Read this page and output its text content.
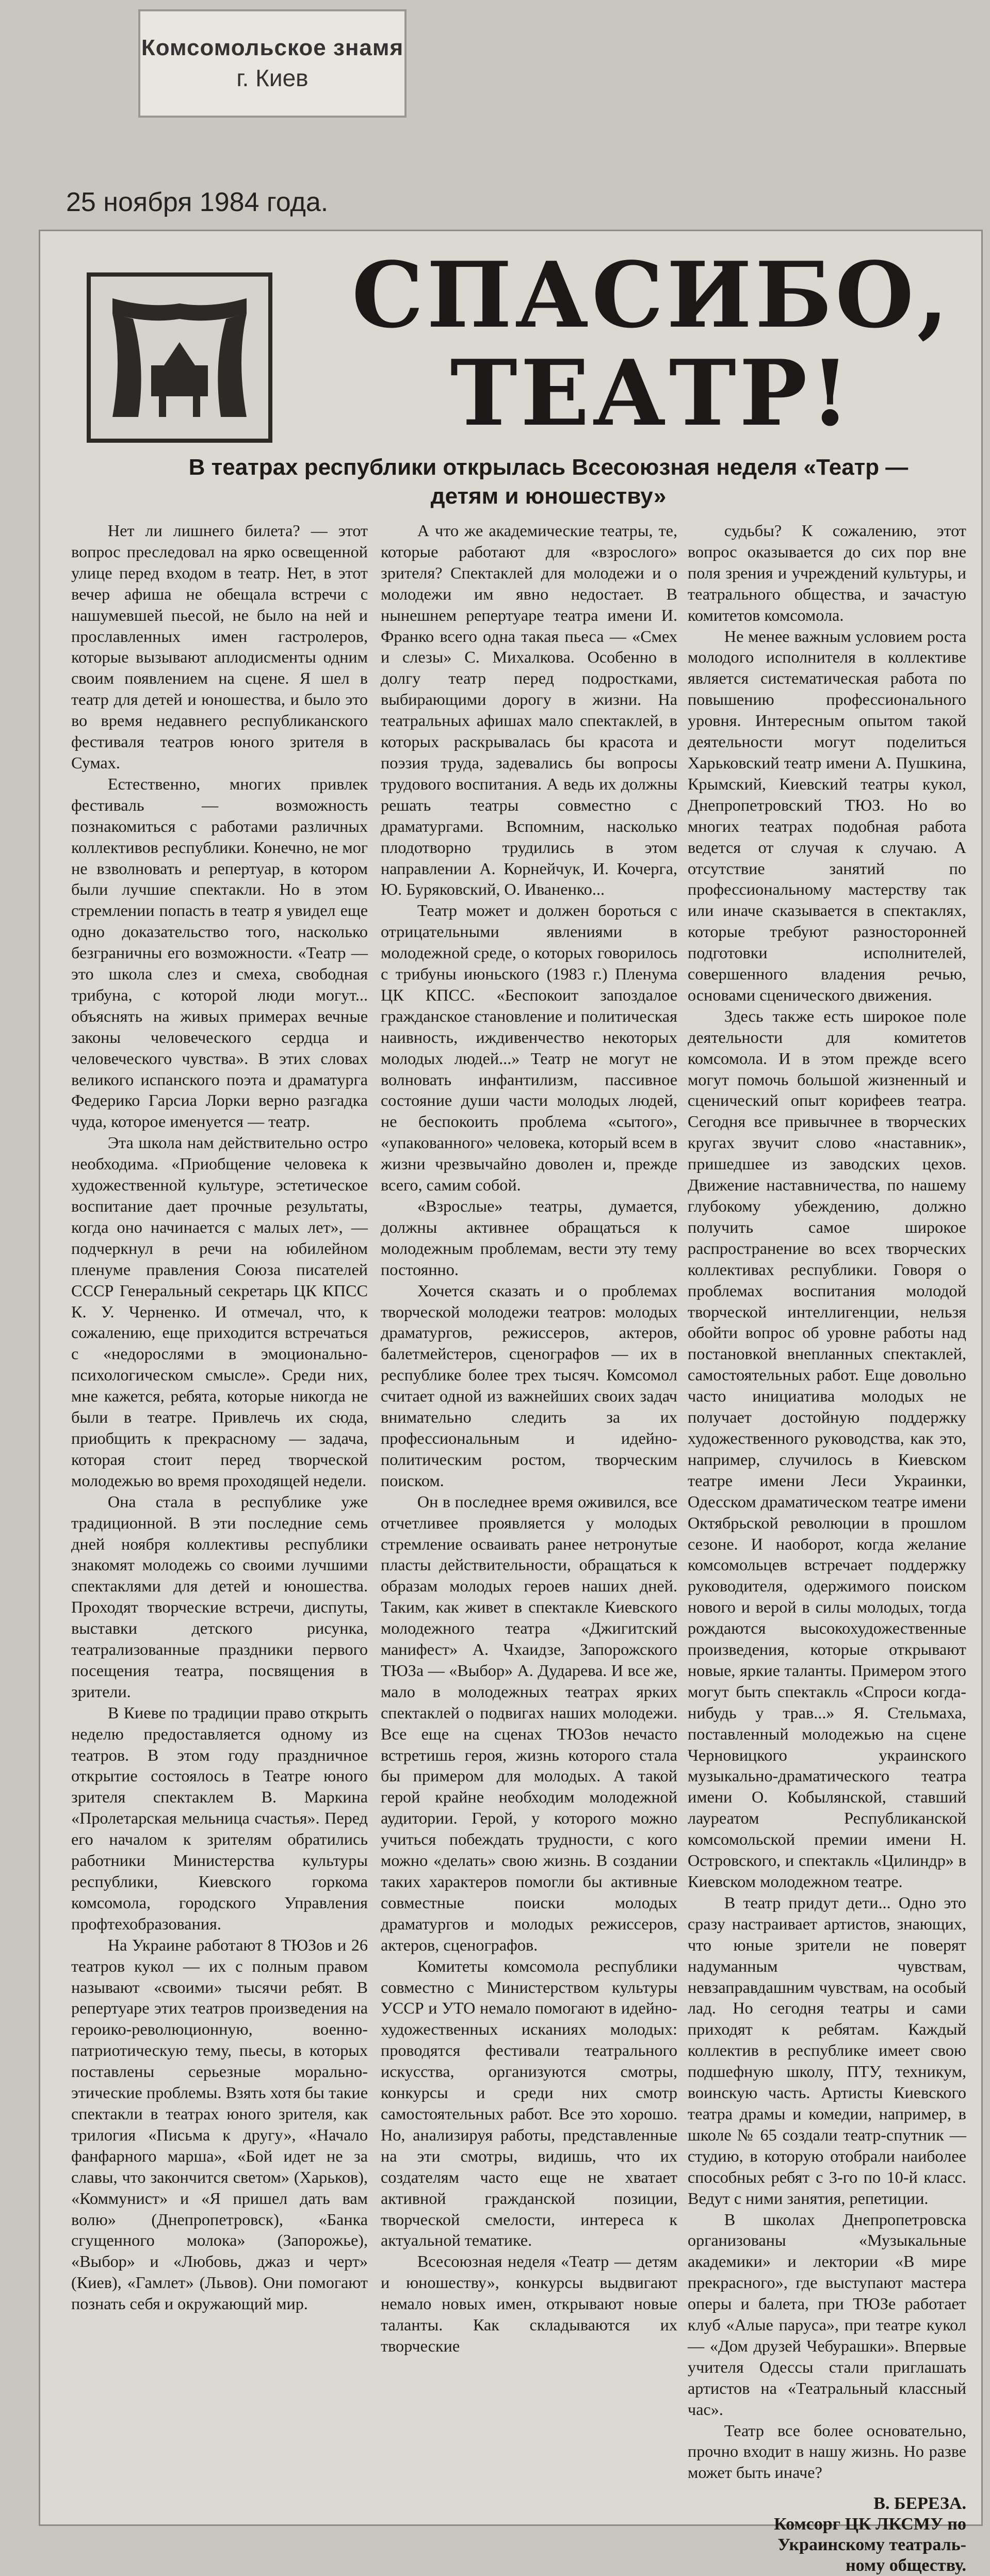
Комсомольское знамя
г. Киев
25 ноября 1984 года.
СПАСИБО, ТЕАТР!
В театрах республики открылась Всесоюзная неделя «Театр — детям и юношеству»

Нет ли лишнего билета? — этот вопрос преследовал на ярко освещенной улице перед входом в театр. Нет, в этот вечер афиша не обещала встречи с нашумевшей пьесой, не было на ней и прославленных имен гастролеров, которые вызывают аплодисменты одним своим появлением на сцене. Я шел в театр для детей и юношества, и было это во время недавнего республиканского фестиваля театров юного зрителя в Сумах.

Естественно, многих привлек фестиваль — возможность познакомиться с работами различных коллективов республики. Конечно, не мог не взволновать и репертуар, в котором были лучшие спектакли. Но в этом стремлении попасть в театр я увидел еще одно доказательство того, насколько безграничны его возможности. «Театр — это школа слез и смеха, свободная трибуна, с которой люди могут... объяснять на живых примерах вечные законы человеческого сердца и человеческого чувства». В этих словах великого испанского поэта и драматурга Федерико Гарсиа Лорки верно разгадка чуда, которое именуется — театр.

Эта школа нам действительно остро необходима. «Приобщение человека к художественной культуре, эстетическое воспитание дает прочные результаты, когда оно начинается с малых лет», — подчеркнул в речи на юбилейном пленуме правления Союза писателей СССР Генеральный секретарь ЦК КПСС К. У. Черненко. И отмечал, что, к сожалению, еще приходится встречаться с «недорослями в эмоционально-психологическом смысле». Среди них, мне кажется, ребята, которые никогда не были в театре. Привлечь их сюда, приобщить к прекрасному — задача, которая стоит перед творческой молодежью во время проходящей недели.

Она стала в республике уже традиционной. В эти последние семь дней ноября коллективы республики знакомят молодежь со своими лучшими спектаклями для детей и юношества. Проходят творческие встречи, диспуты, выставки детского рисунка, театрализованные праздники первого посещения театра, посвящения в зрители.

В Киеве по традиции право открыть неделю предоставляется одному из театров. В этом году праздничное открытие состоялось в Театре юного зрителя спектаклем В. Маркина «Пролетарская мельница счастья». Перед его началом к зрителям обратились работники Министерства культуры республики, Киевского горкома комсомола, городского Управления профтехобразования.

На Украине работают 8 ТЮЗов и 26 театров кукол — их с полным правом называют «своими» тысячи ребят. В репертуаре этих театров произведения на героико-революционную, военно-патриотическую тему, пьесы, в которых поставлены серьезные морально-этические проблемы. Взять хотя бы такие спектакли в театрах юного зрителя, как трилогия «Письма к другу», «Начало фанфарного марша», «Бой идет не за славы, что закончится светом» (Харьков), «Коммунист» и «Я пришел дать вам волю» (Днепропетровск), «Банка сгущенного молока» (Запорожье), «Выбор» и «Любовь, джаз и черт» (Киев), «Гамлет» (Львов). Они помогают познать себя и окружающий мир.

А что же академические театры, те, которые работают для «взрослого» зрителя? Спектаклей для молодежи и о молодежи им явно недостает. В нынешнем репертуаре театра имени И. Франко всего одна такая пьеса — «Смех и слезы» С. Михалкова. Особенно в долгу театр перед подростками, выбирающими дорогу в жизни. На театральных афишах мало спектаклей, в которых раскрывалась бы красота и поэзия труда, задевались бы вопросы трудового воспитания. А ведь их должны решать театры совместно с драматургами. Вспомним, насколько плодотворно трудились в этом направлении А. Корнейчук, И. Кочерга, Ю. Буряковский, О. Иваненко...

Театр может и должен бороться с отрицательными явлениями в молодежной среде, о которых говорилось с трибуны июньского (1983 г.) Пленума ЦК КПСС. «Беспокоит запоздалое гражданское становление и политическая наивность, иждивенчество некоторых молодых людей...» Театр не могут не волновать инфантилизм, пассивное состояние души части молодых людей, не беспокоить проблема «сытого», «упакованного» человека, который всем в жизни чрезвычайно доволен и, прежде всего, самим собой.

«Взрослые» театры, думается, должны активнее обращаться к молодежным проблемам, вести эту тему постоянно.

Хочется сказать и о проблемах творческой молодежи театров: молодых драматургов, режиссеров, актеров, балетмейстеров, сценографов — их в республике более трех тысяч. Комсомол считает одной из важнейших своих задач внимательно следить за их профессиональным и идейно-политическим ростом, творческим поиском.

Он в последнее время оживился, все отчетливее проявляется у молодых стремление осваивать ранее нетронутые пласты действительности, обращаться к образам молодых героев наших дней. Таким, как живет в спектакле Киевского молодежного театра «Джигитский манифест» А. Чхаидзе, Запорожского ТЮЗа — «Выбор» А. Дударева. И все же, мало в молодежных театрах ярких спектаклей о подвигах наших молодежи. Все еще на сценах ТЮЗов нечасто встретишь героя, жизнь которого стала бы примером для молодых. А такой герой крайне необходим молодежной аудитории. Герой, у которого можно учиться побеждать трудности, с кого можно «делать» свою жизнь. В создании таких характеров помогли бы активные совместные поиски молодых драматургов и молодых режиссеров, актеров, сценографов.

Комитеты комсомола республики совместно с Министерством культуры УССР и УТО немало помогают в идейно-художественных исканиях молодых: проводятся фестивали театрального искусства, организуются смотры, конкурсы и среди них смотр самостоятельных работ. Все это хорошо. Но, анализируя работы, представленные на эти смотры, видишь, что их создателям часто еще не хватает активной гражданской позиции, творческой смелости, интереса к актуальной тематике.

Всесоюзная неделя «Театр — детям и юношеству», конкурсы выдвигают немало новых имен, открывают новые таланты. Как складываются их творческие

судьбы? К сожалению, этот вопрос оказывается до сих пор вне поля зрения и учреждений культуры, и театрального общества, и зачастую комитетов комсомола.

Не менее важным условием роста молодого исполнителя в коллективе является систематическая работа по повышению профессионального уровня. Интересным опытом такой деятельности могут поделиться Харьковский театр имени А. Пушкина, Крымский, Киевский театры кукол, Днепропетровский ТЮЗ. Но во многих театрах подобная работа ведется от случая к случаю. А отсутствие занятий по профессиональному мастерству так или иначе сказывается в спектаклях, которые требуют разносторонней подготовки исполнителей, совершенного владения речью, основами сценического движения.

Здесь также есть широкое поле деятельности для комитетов комсомола. И в этом прежде всего могут помочь большой жизненный и сценический опыт корифеев театра. Сегодня все привычнее в творческих кругах звучит слово «наставник», пришедшее из заводских цехов. Движение наставничества, по нашему глубокому убеждению, должно получить самое широкое распространение во всех творческих коллективах республики. Говоря о проблемах воспитания молодой творческой интеллигенции, нельзя обойти вопрос об уровне работы над постановкой внепланных спектаклей, самостоятельных работ. Еще довольно часто инициатива молодых не получает достойную поддержку художественного руководства, как это, например, случилось в Киевском театре имени Леси Украинки, Одесском драматическом театре имени Октябрьской революции в прошлом сезоне. И наоборот, когда желание комсомольцев встречает поддержку руководителя, одержимого поиском нового и верой в силы молодых, тогда рождаются высокохудожественные произведения, которые открывают новые, яркие таланты. Примером этого могут быть спектакль «Спроси когда-нибудь у трав...» Я. Стельмаха, поставленный молодежью на сцене Черновицкого украинского музыкально-драматического театра имени О. Кобылянской, ставший лауреатом Республиканской комсомольской премии имени Н. Островского, и спектакль «Цилиндр» в Киевском молодежном театре.

В театр придут дети... Одно это сразу настраивает артистов, знающих, что юные зрители не поверят надуманным чувствам, невзаправдашним чувствам, на особый лад. Но сегодня театры и сами приходят к ребятам. Каждый коллектив в республике имеет свою подшефную школу, ПТУ, техникум, воинскую часть. Артисты Киевского театра драмы и комедии, например, в школе № 65 создали театр-спутник — студию, в которую отобрали наиболее способных ребят с 3-го по 10-й класс. Ведут с ними занятия, репетиции.

В школах Днепропетровска организованы «Музыкальные академики» и лектории «В мире прекрасного», где выступают мастера оперы и балета, при ТЮЗе работает клуб «Алые паруса», при театре кукол — «Дом друзей Чебурашки». Впервые учителя Одессы стали приглашать артистов на «Театральный классный час».

Театр все более основательно, прочно входит в нашу жизнь. Но разве может быть иначе?

В. БЕРЕЗА.
Комсорг ЦК ЛКСМУ по
Украинскому театраль-
ному обществу.
